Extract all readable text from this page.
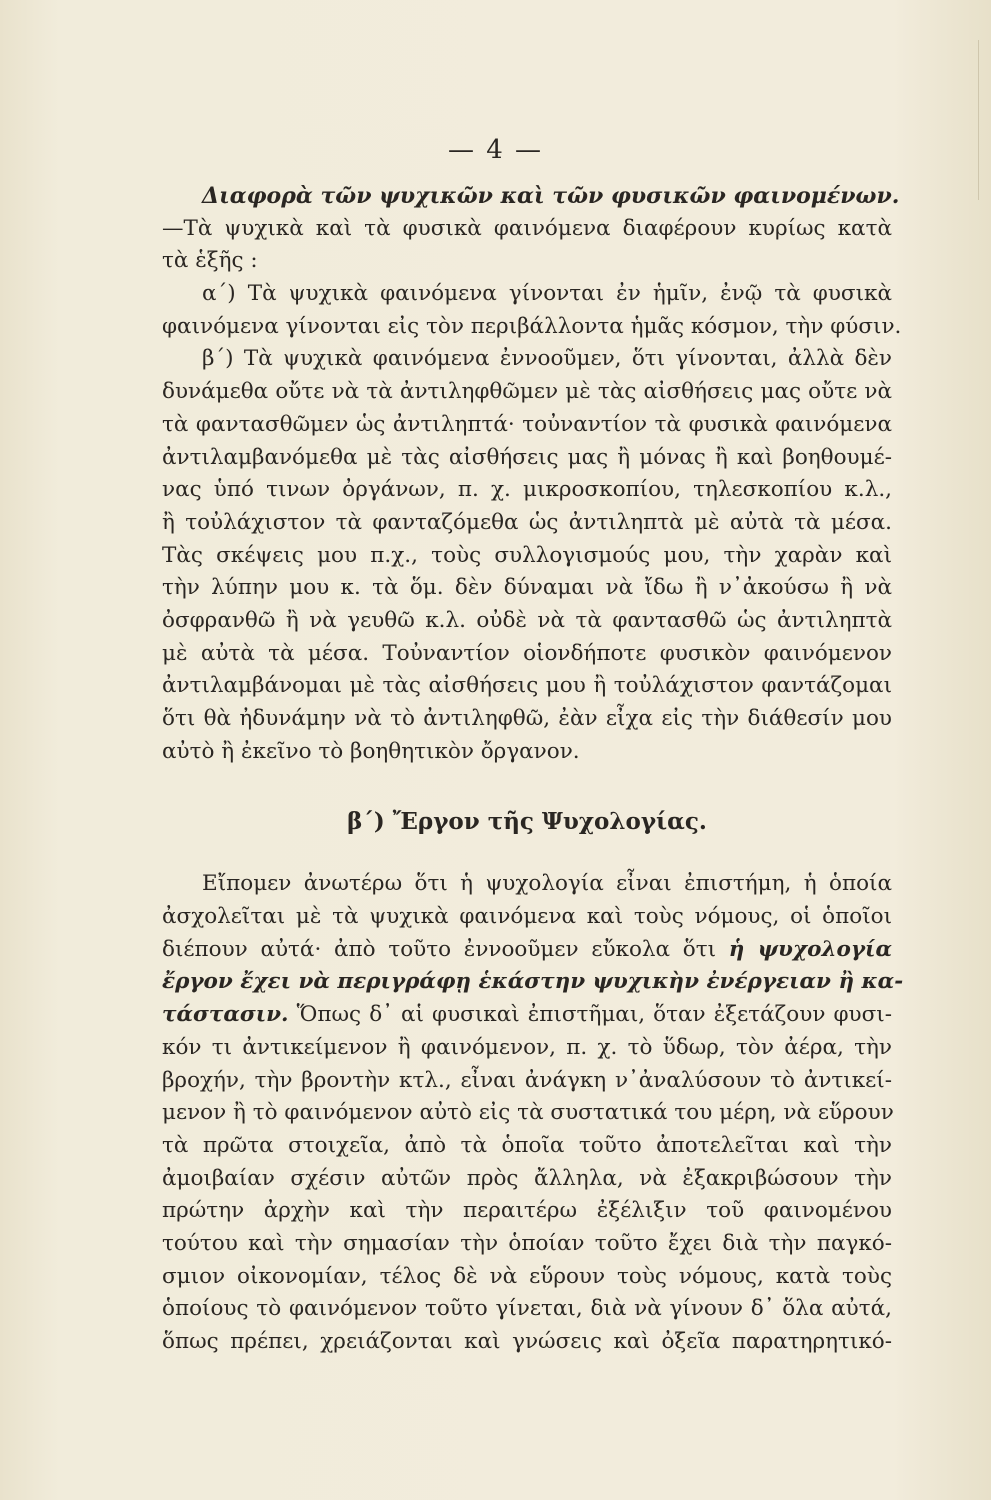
— 4 —
Διαφορὰ τῶν ψυχικῶν καὶ τῶν φυσικῶν φαινομένων.
—Τὰ ψυχικὰ καὶ τὰ φυσικὰ φαινόμενα διαφέρουν κυρίως κατὰ
τὰ ἑξῆς :
α΄) Τὰ ψυχικὰ φαινόμενα γίνονται ἐν ἡμῖν, ἐνῷ τὰ φυσικὰ
φαινόμενα γίνονται εἰς τὸν περιβάλλοντα ἡμᾶς κόσμον, τὴν φύσιν.
β΄) Τὰ ψυχικὰ φαινόμενα ἐννοοῦμεν, ὅτι γίνονται, ἀλλὰ δὲν
δυνάμεθα οὔτε νὰ τὰ ἀντιληφθῶμεν μὲ τὰς αἰσθήσεις μας οὔτε νὰ
τὰ φαντασθῶμεν ὡς ἀντιληπτά· τοὐναντίον τὰ φυσικὰ φαινόμενα
ἀντιλαμβανόμεθα μὲ τὰς αἰσθήσεις μας ἢ μόνας ἢ καὶ βοηθουμέ-
νας ὑπό τινων ὀργάνων, π. χ. μικροσκοπίου, τηλεσκοπίου κ.λ.,
ἢ τοὐλάχιστον τὰ φανταζόμεθα ὡς ἀντιληπτὰ μὲ αὐτὰ τὰ μέσα.
Τὰς σκέψεις μου π.χ., τοὺς συλλογισμούς μου, τὴν χαρὰν καὶ
τὴν λύπην μου κ. τὰ ὅμ. δὲν δύναμαι νὰ ἴδω ἢ ν᾿ἀκούσω ἢ νὰ
ὀσφρανθῶ ἢ νὰ γευθῶ κ.λ. οὐδὲ νὰ τὰ φαντασθῶ ὡς ἀντιληπτὰ
μὲ αὐτὰ τὰ μέσα. Τοὐναντίον οἱονδήποτε φυσικὸν φαινόμενον
ἀντιλαμβάνομαι μὲ τὰς αἰσθήσεις μου ἢ τοὐλάχιστον φαντάζομαι
ὅτι θὰ ἠδυνάμην νὰ τὸ ἀντιληφθῶ, ἐὰν εἶχα εἰς τὴν διάθεσίν μου
αὐτὸ ἢ ἐκεῖνο τὸ βοηθητικὸν ὄργανον.
β΄) Ἔργον τῆς Ψυχολογίας.
Εἴπομεν ἀνωτέρω ὅτι ἡ ψυχολογία εἶναι ἐπιστήμη, ἡ ὁποία
ἀσχολεῖται μὲ τὰ ψυχικὰ φαινόμενα καὶ τοὺς νόμους, οἱ ὁποῖοι
διέπουν αὐτά· ἀπὸ τοῦτο ἐννοοῦμεν εὔκολα ὅτι ἡ ψυχολογία
ἔργον ἔχει νὰ περιγράφῃ ἑκάστην ψυχικὴν ἐνέργειαν ἢ κα-
τάστασιν. Ὅπως δ᾿ αἱ φυσικαὶ ἐπιστῆμαι, ὅταν ἐξετάζουν φυσι-
κόν τι ἀντικείμενον ἢ φαινόμενον, π. χ. τὸ ὕδωρ, τὸν ἀέρα, τὴν
βροχήν, τὴν βροντὴν κτλ., εἶναι ἀνάγκη ν᾿ἀναλύσουν τὸ ἀντικεί-
μενον ἢ τὸ φαινόμενον αὐτὸ εἰς τὰ συστατικά του μέρη, νὰ εὕρουν
τὰ πρῶτα στοιχεῖα, ἀπὸ τὰ ὁποῖα τοῦτο ἀποτελεῖται καὶ τὴν
ἀμοιβαίαν σχέσιν αὐτῶν πρὸς ἄλληλα, νὰ ἐξακριβώσουν τὴν
πρώτην ἀρχὴν καὶ τὴν περαιτέρω ἐξέλιξιν τοῦ φαινομένου
τούτου καὶ τὴν σημασίαν τὴν ὁποίαν τοῦτο ἔχει διὰ τὴν παγκό-
σμιον οἰκονομίαν, τέλος δὲ νὰ εὕρουν τοὺς νόμους, κατὰ τοὺς
ὁποίους τὸ φαινόμενον τοῦτο γίνεται, διὰ νὰ γίνουν δ᾿ ὅλα αὐτά,
ὅπως πρέπει, χρειάζονται καὶ γνώσεις καὶ ὀξεῖα παρατηρητικό-
